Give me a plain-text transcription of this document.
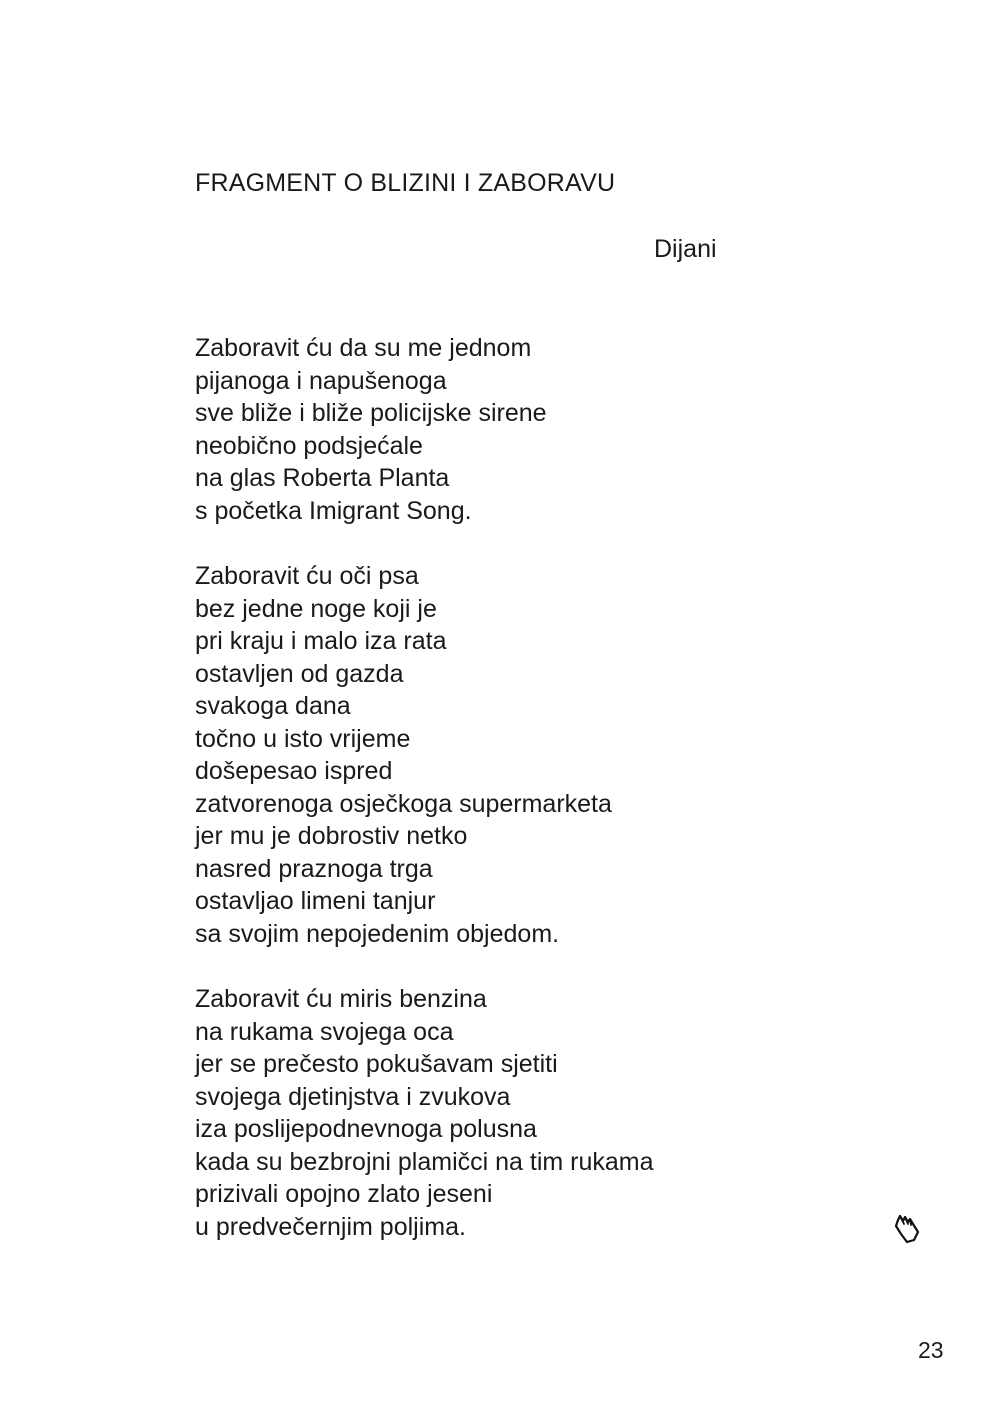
FRAGMENT O BLIZINI I ZABORAVU
Dijani
Zaboravit ću da su me jednom
pijanoga i napušenoga
sve bliže i bliže policijske sirene
neobično podsjećale
na glas Roberta Planta
s početka Imigrant Song.
Zaboravit ću oči psa
bez jedne noge koji je
pri kraju i malo iza rata
ostavljen od gazda
svakoga dana
točno u isto vrijeme
došepesao ispred
zatvorenoga osječkoga supermarketa
jer mu je dobrostiv netko
nasred praznoga trga
ostavljao limeni tanjur
sa svojim nepojedenim objedom.
Zaboravit ću miris benzina
na rukama svojega oca
jer se prečesto pokušavam sjetiti
svojega djetinjstva i zvukova
iza poslijepodnevnoga polusna
kada su bezbrojni plamičci na tim rukama
prizivali opojno zlato jeseni
u predvečernjim poljima.
23
